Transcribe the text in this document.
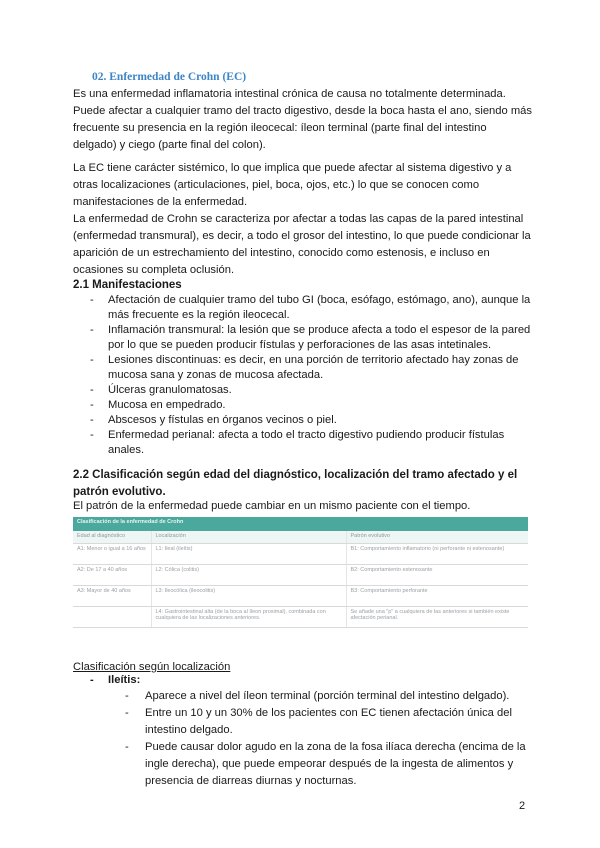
02. Enfermedad de Crohn (EC)

Es una enfermedad inflamatoria intestinal crónica de causa no totalmente determinada.

Puede afectar a cualquier tramo del tracto digestivo, desde la boca hasta el ano, siendo más

frecuente su presencia en la región ileocecal: íleon terminal (parte final del intestino

delgado) y ciego (parte final del colon).

La EC tiene carácter sistémico, lo que implica que puede afectar al sistema digestivo y a

otras localizaciones (articulaciones, piel, boca, ojos, etc.) lo que se conocen como

manifestaciones de la enfermedad.

La enfermedad de Crohn se caracteriza por afectar a todas las capas de la pared intestinal

(enfermedad transmural), es decir, a todo el grosor del intestino, lo que puede condicionar la

aparición de un estrechamiento del intestino, conocido como estenosis, e incluso en

ocasiones su completa oclusión.

2.1 Manifestaciones
- Afectación de cualquier tramo del tubo GI (boca, esófago, estómago, ano), aunque la más frecuente es la región ileocecal.
- Inflamación transmural: la lesión que se produce afecta a todo el espesor de la pared por lo que se pueden producir fístulas y perforaciones de las asas intetinales.
- Lesiones discontinuas: es decir, en una porción de territorio afectado hay zonas de mucosa sana y zonas de mucosa afectada.
- Úlceras granulomatosas.
- Mucosa en empedrado.
- Abscesos y fístulas en órganos vecinos o piel.
- Enfermedad perianal: afecta a todo el tracto digestivo pudiendo producir fístulas anales.
2.2 Clasificación según edad del diagnóstico, localización del tramo afectado y el patrón evolutivo.
El patrón de la enfermedad puede cambiar en un mismo paciente con el tiempo.
Clasificación de la enfermedad de Crohn		
Edad al diagnóstico	Localización	Patrón evolutivo
A1: Menor o igual a 16 años	L1: Ileal (ileítis)	B1: Comportamiento inflamatorio (ni perforante ni estenosante)
A2: De 17 a 40 años	L2: Cólica (colitis)	B2: Comportamiento estenosante
A3: Mayor de 40 años	L3: Ileocólica (ileocolitis)	B3: Comportamiento perforante
	L4: Gastrointestinal alta (de la boca al íleon proximal), combinada con cualquiera de las localizaciones anteriores.	Se añade una "p" a cualquiera de las anteriores si también existe afectación perianal.
Clasificación según localización
- Ileítis:
- Aparece a nivel del íleon terminal (porción terminal del intestino delgado).
- Entre un 10 y un 30% de los pacientes con EC tienen afectación única del intestino delgado.
- Puede causar dolor agudo en la zona de la fosa ilíaca derecha (encima de la ingle derecha), que puede empeorar después de la ingesta de alimentos y presencia de diarreas diurnas y nocturnas.
2
